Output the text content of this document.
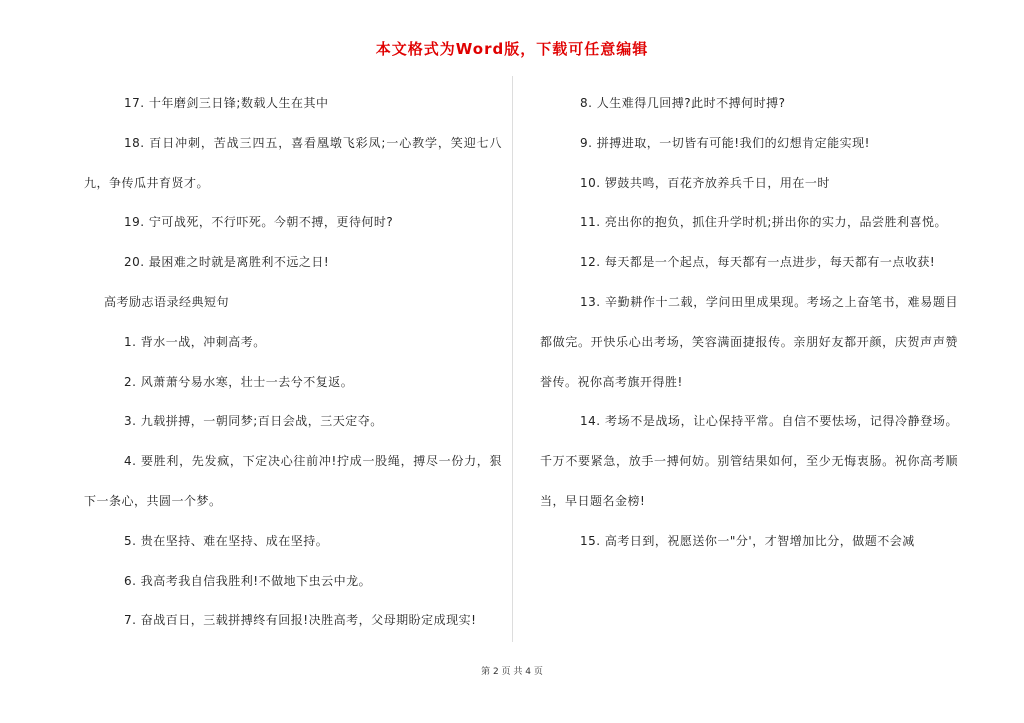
本文格式为Word版，下载可任意编辑

17. 十年磨剑三日锋;数载人生在其中

18. 百日冲刺，苦战三四五，喜看凰墩飞彩凤;一心教学，笑迎七八九，争传瓜井育贤才。

19. 宁可战死，不行吓死。今朝不搏，更待何时?

20. 最困难之时就是离胜利不远之日!

高考励志语录经典短句

1. 背水一战，冲刺高考。

2. 风萧萧兮易水寒，壮士一去兮不复返。

3. 九载拼搏，一朝同梦;百日会战，三天定夺。

4. 要胜利，先发疯，下定决心往前冲!拧成一股绳，搏尽一份力，狠下一条心，共圆一个梦。

5. 贵在坚持、难在坚持、成在坚持。

6. 我高考我自信我胜利!不做地下虫云中龙。

7. 奋战百日，三载拼搏终有回报!决胜高考，父母期盼定成现实!

8. 人生难得几回搏?此时不搏何时搏?

9. 拼搏进取，一切皆有可能!我们的幻想肯定能实现!

10. 锣鼓共鸣，百花齐放养兵千日，用在一时

11. 亮出你的抱负，抓住升学时机;拼出你的实力，品尝胜利喜悦。

12. 每天都是一个起点，每天都有一点进步，每天都有一点收获!

13. 辛勤耕作十二载，学问田里成果现。考场之上奋笔书，难易题目都做完。开快乐心出考场，笑容满面捷报传。亲朋好友都开颜，庆贺声声赞誉传。祝你高考旗开得胜!

14. 考场不是战场，让心保持平常。自信不要怯场，记得冷静登场。千万不要紧急，放手一搏何妨。别管结果如何，至少无悔衷肠。祝你高考顺当，早日题名金榜!

15. 高考日到，祝愿送你一"分'，才智增加比分，做题不会减

第 2 页 共 4 页
